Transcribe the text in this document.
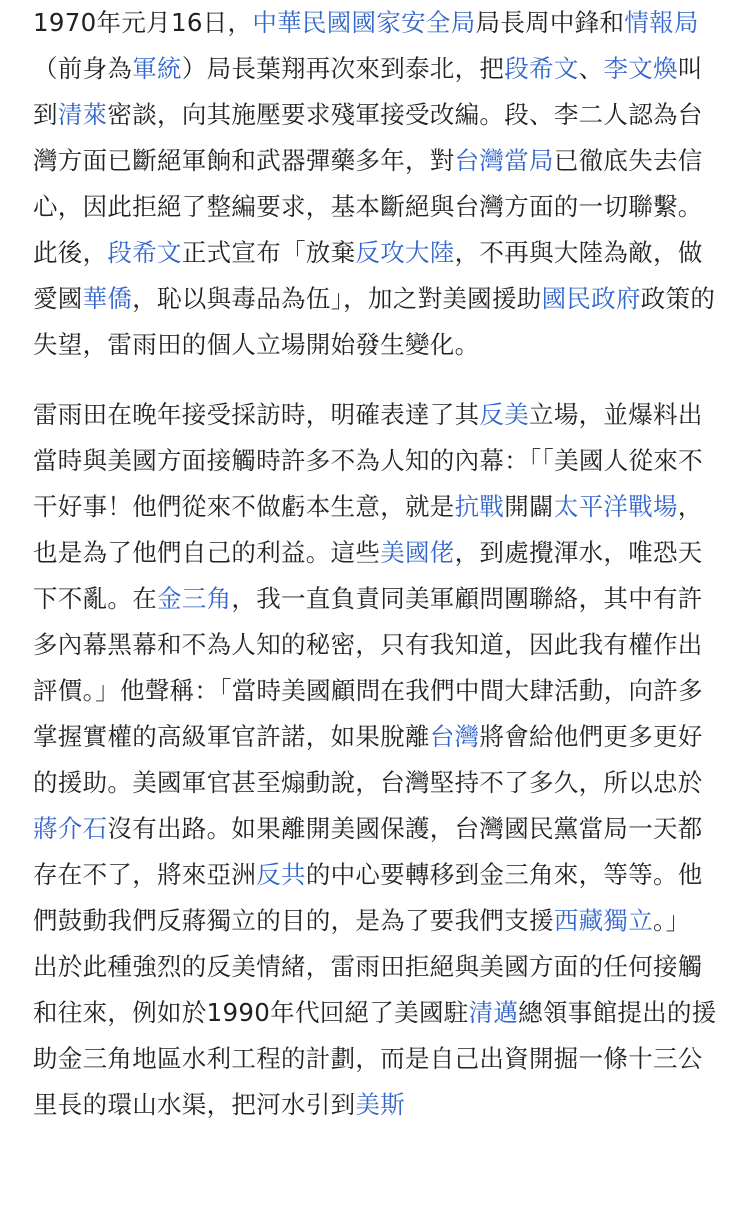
1970年元月16日，中華民國國家安全局局長周中鋒和情報局（前身為軍統）局長葉翔再次來到泰北，把段希文、李文煥叫到清萊密談，向其施壓要求殘軍接受改編。段、李二人認為台灣方面已斷絕軍餉和武器彈藥多年，對台灣當局已徹底失去信心，因此拒絕了整編要求，基本斷絕與台灣方面的一切聯繫。此後，段希文正式宣布「放棄反攻大陸，不再與大陸為敵，做愛國華僑，恥以與毒品為伍」，加之對美國援助國民政府政策的失望，雷雨田的個人立場開始發生變化。

雷雨田在晚年接受採訪時，明確表達了其反美立場，並爆料出當時與美國方面接觸時許多不為人知的內幕：「「美國人從來不干好事！他們從來不做虧本生意，就是抗戰開闢太平洋戰場，也是為了他們自己的利益。這些美國佬，到處攪渾水，唯恐天下不亂。在金三角，我一直負責同美軍顧問團聯絡，其中有許多內幕黑幕和不為人知的秘密，只有我知道，因此我有權作出評價。」他聲稱：「當時美國顧問在我們中間大肆活動，向許多掌握實權的高級軍官許諾，如果脫離台灣將會給他們更多更好的援助。美國軍官甚至煽動說，台灣堅持不了多久，所以忠於蔣介石沒有出路。如果離開美國保護，台灣國民黨當局一天都存在不了，將來亞洲反共的中心要轉移到金三角來，等等。他們鼓動我們反蔣獨立的目的，是為了要我們支援西藏獨立。」 出於此種強烈的反美情緒，雷雨田拒絕與美國方面的任何接觸和往來，例如於1990年代回絕了美國駐清邁總領事館提出的援助金三角地區水利工程的計劃，而是自己出資開掘一條十三公里長的環山水渠，把河水引到美斯
